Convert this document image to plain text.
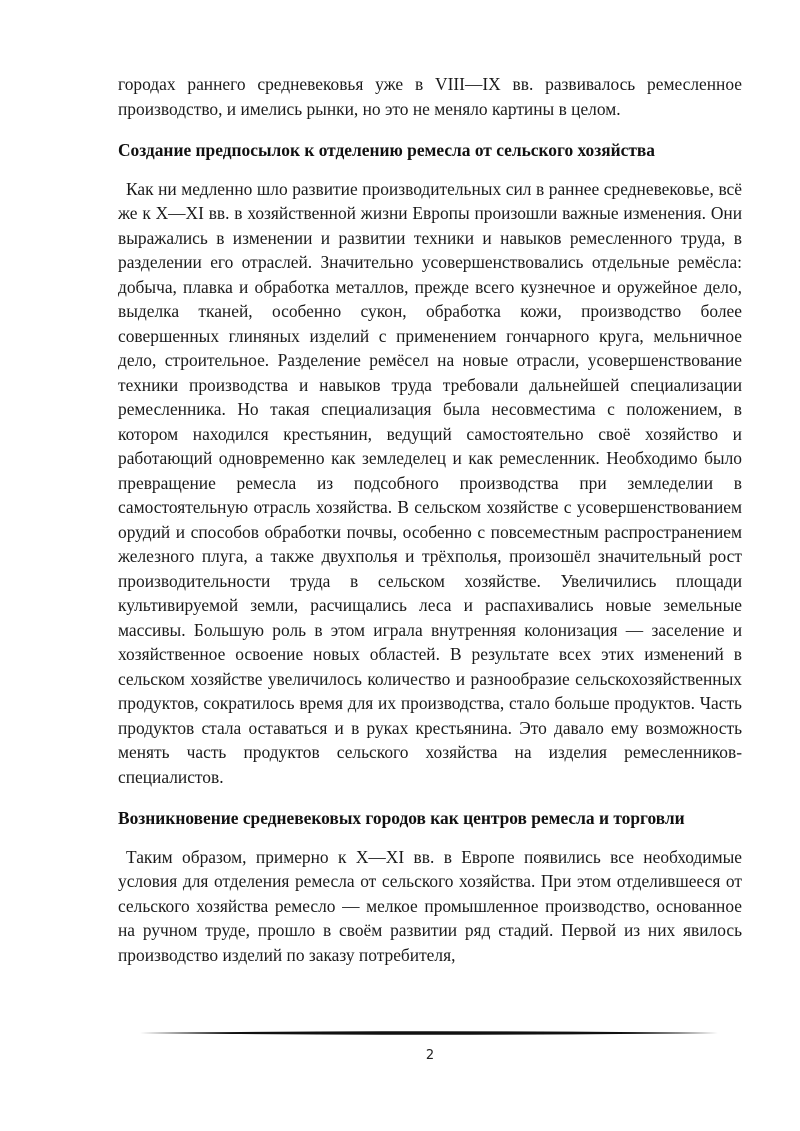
городах раннего средневековья уже в VIII—IX вв. развивалось ремесленное производство, и имелись рынки, но это не меняло картины в целом.

Создание предпосылок к отделению ремесла от сельского хозяйства

Как ни медленно шло развитие производительных сил в раннее средневековье, всё же к X—XI вв. в хозяйственной жизни Европы произошли важные изменения. Они выражались в изменении и развитии техники и навыков ремесленного труда, в разделении его отраслей. Значительно усовершенствовались отдельные ремёсла: добыча, плавка и обработка металлов, прежде всего кузнечное и оружейное дело, выделка тканей, особенно сукон, обработка кожи, производство более совершенных глиняных изделий с применением гончарного круга, мельничное дело, строительное. Разделение ремёсел на новые отрасли, усовершенствование техники производства и навыков труда требовали дальнейшей специализации ремесленника. Но такая специализация была несовместима с положением, в котором находился крестьянин, ведущий самостоятельно своё хозяйство и работающий одновременно как земледелец и как ремесленник. Необходимо было превращение ремесла из подсобного производства при земледелии в самостоятельную отрасль хозяйства. В сельском хозяйстве с усовершенствованием орудий и способов обработки почвы, особенно с повсеместным распространением железного плуга, а также двухполья и трёхполья, произошёл значительный рост производительности труда в сельском хозяйстве. Увеличились площади культивируемой земли, расчищались леса и распахивались новые земельные массивы. Большую роль в этом играла внутренняя колонизация — заселение и хозяйственное освоение новых областей. В результате всех этих изменений в сельском хозяйстве увеличилось количество и разнообразие сельскохозяйственных продуктов, сократилось время для их производства, стало больше продуктов. Часть продуктов стала оставаться и в руках крестьянина. Это давало ему возможность менять часть продуктов сельского хозяйства на изделия ремесленников-специалистов.

Возникновение средневековых городов как центров ремесла и торговли

Таким образом, примерно к X—XI вв. в Европе появились все необходимые условия для отделения ремесла от сельского хозяйства. При этом отделившееся от сельского хозяйства ремесло — мелкое промышленное производство, основанное на ручном труде, прошло в своём развитии ряд стадий. Первой из них явилось производство изделий по заказу потребителя,

2
